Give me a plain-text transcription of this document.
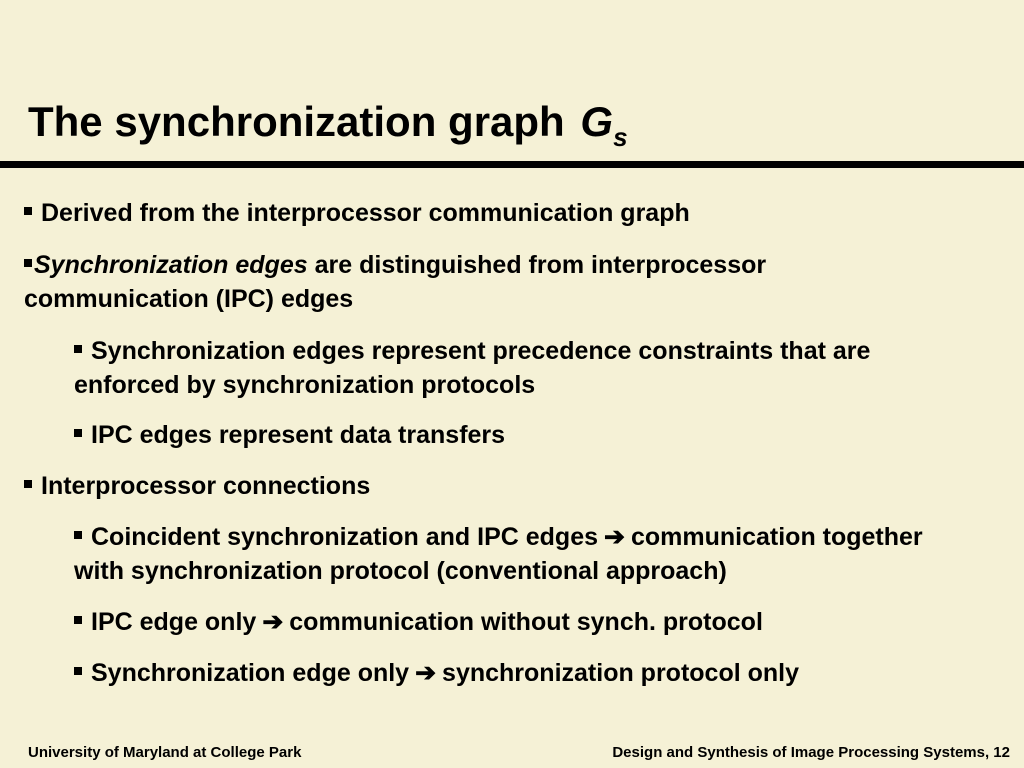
The synchronization graph $G_s$
Derived from the interprocessor communication graph
Synchronization edges are distinguished from interprocessor communication (IPC) edges
Synchronization edges represent precedence constraints that are enforced by synchronization protocols
IPC edges represent data transfers
Interprocessor connections
Coincident synchronization and IPC edges ➔ communication together with synchronization protocol (conventional approach)
IPC edge only ➔ communication without synch. protocol
Synchronization edge only ➔ synchronization protocol only
University of Maryland at College Park	Design and Synthesis of Image Processing Systems, 12
